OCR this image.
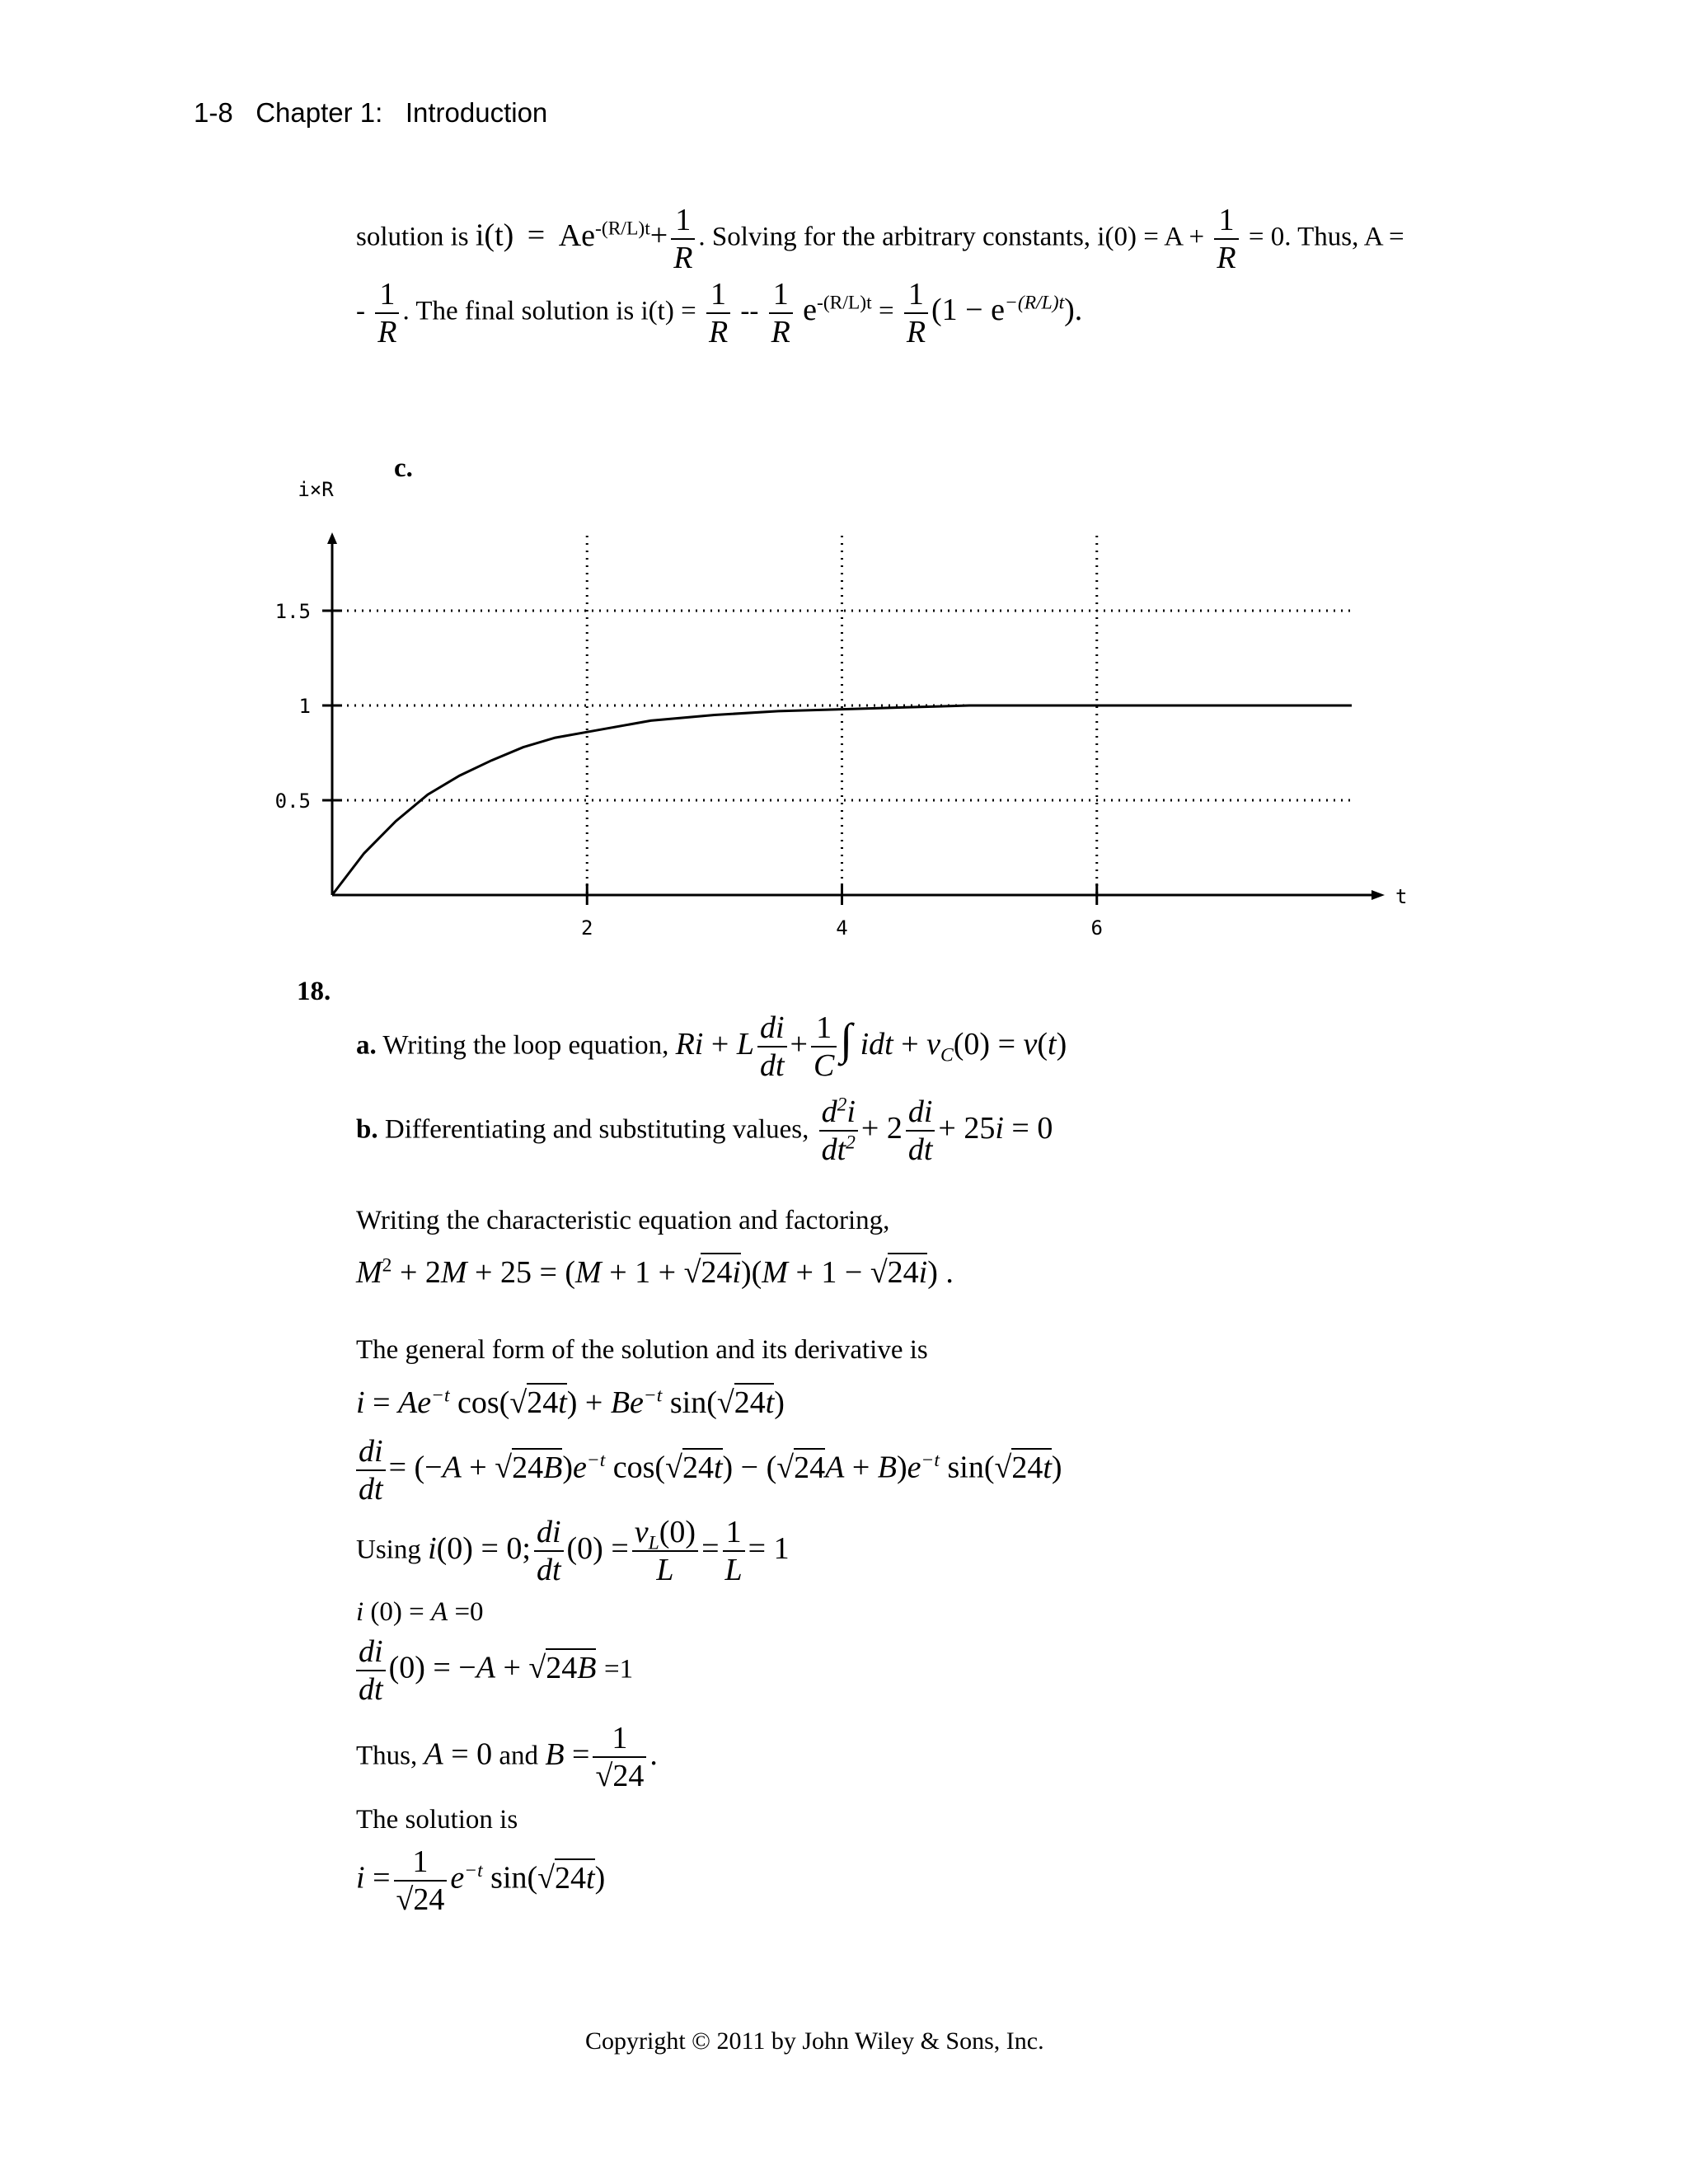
1-8 Chapter 1: Introduction
solution is $i(t) = Ae^{-(R/L)t}+ \frac{1}{R}$ . Solving for the arbitrary constants, $i(0) = A + \frac{1}{R} = 0$. Thus, A =
- $\frac{1}{R}$ . The final solution is $i(t) = \frac{1}{R} -- \frac{1}{R} e^{-(R/L)t} = \frac{1}{R} (1 - e^{-(R/L)t})$.
c.
0.5
1
1.5
2	4	6
i×R
t
18.
a. Writing the loop equation, Ri + L $\frac{di}{dt} + \frac{1}{C}$ ∫ idt + $v_C(0) = v(t)$
b. Differentiating and substituting values, $\frac{d^2i}{dt^2} + 2 \frac{di}{dt} + 25i = 0$
Writing the characteristic equation and factoring,
$M^2 + 2M + 25 = (M + 1 + √24i)(M + 1 - √24i)$ .
The general form of the solution and its derivative is
$i = Ae^{-t}$ $\cos(√24t) + Be^{-t}$ sin(√24t)
$\frac{di}{dt} = (-A + √24B)e^{-t}$ $\cos(√24t) - (√24A + B)e^{-t}$ sin(√24t)
Using i(0) = 0; $\frac{di}{dt} (0) = \frac{v_L(0)}{L} = \frac{1}{L} = 1$
i (0) = A =0
$\frac{di}{dt} (0) = -A + √24B =1$
Thus, A = 0 and $B = \frac{1}{√24}$ .
The solution is
$i = \frac{1}{√24} e^{-t}$ sin(√24t)
Copyright © 2011 by John Wiley & Sons, Inc.
